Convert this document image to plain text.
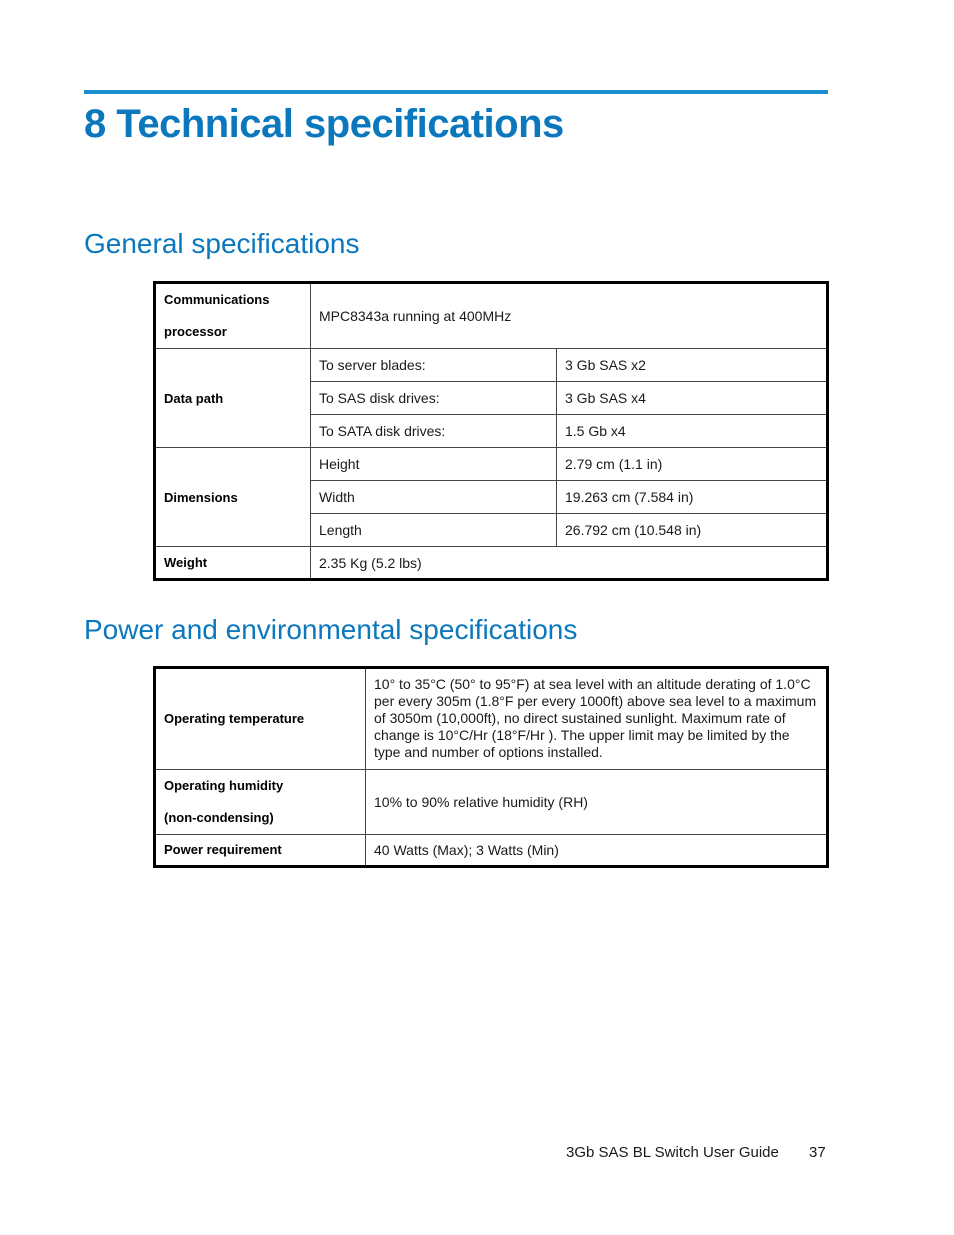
8 Technical specifications
General specifications
Communications
processor	MPC8343a running at 400MHz	
Data path	To server blades:	3 Gb SAS x2
	To SAS disk drives:	3 Gb SAS x4
	To SATA disk drives:	1.5 Gb x4
Dimensions	Height	2.79 cm (1.1 in)
	Width	19.263 cm (7.584 in)
	Length	26.792 cm (10.548 in)
Weight	2.35 Kg (5.2 lbs)	
Power and environmental specifications
Operating temperature	10° to 35°C (50° to 95°F) at sea level with an altitude derating of 1.0°C per every 305m (1.8°F per every 1000ft) above sea level to a maximum of 3050m (10,000ft), no direct sustained sunlight. Maximum rate of change is 10°C/Hr (18°F/Hr ). The upper limit may be limited by the type and number of options installed.

Operating humidity
(non-condensing)	10% to 90% relative humidity (RH)
Power requirement	40 Watts (Max); 3 Watts (Min)
3Gb SAS BL Switch User Guide 37
